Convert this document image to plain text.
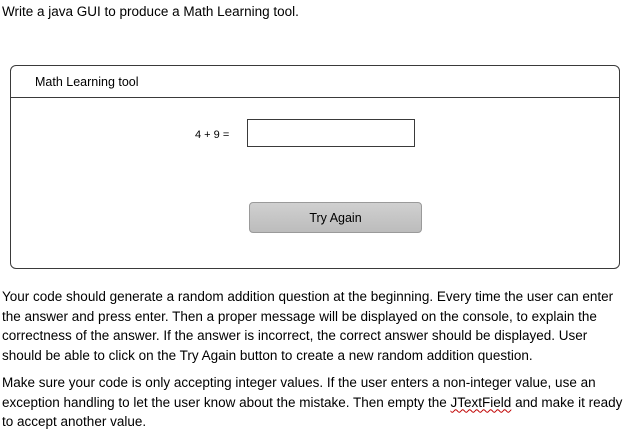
Write a java GUI to produce a Math Learning tool.
Math Learning tool
4 + 9 =
Try Again

Your code should generate a random addition question at the beginning. Every time the user can enter the answer and press enter. Then a proper message will be displayed on the console, to explain the correctness of the answer. If the answer is incorrect, the correct answer should be displayed. User should be able to click on the Try Again button to create a new random addition question.

Make sure your code is only accepting integer values. If the user enters a non-integer value, use an exception handling to let the user know about the mistake. Then empty the JTextField and make it ready to accept another value.
